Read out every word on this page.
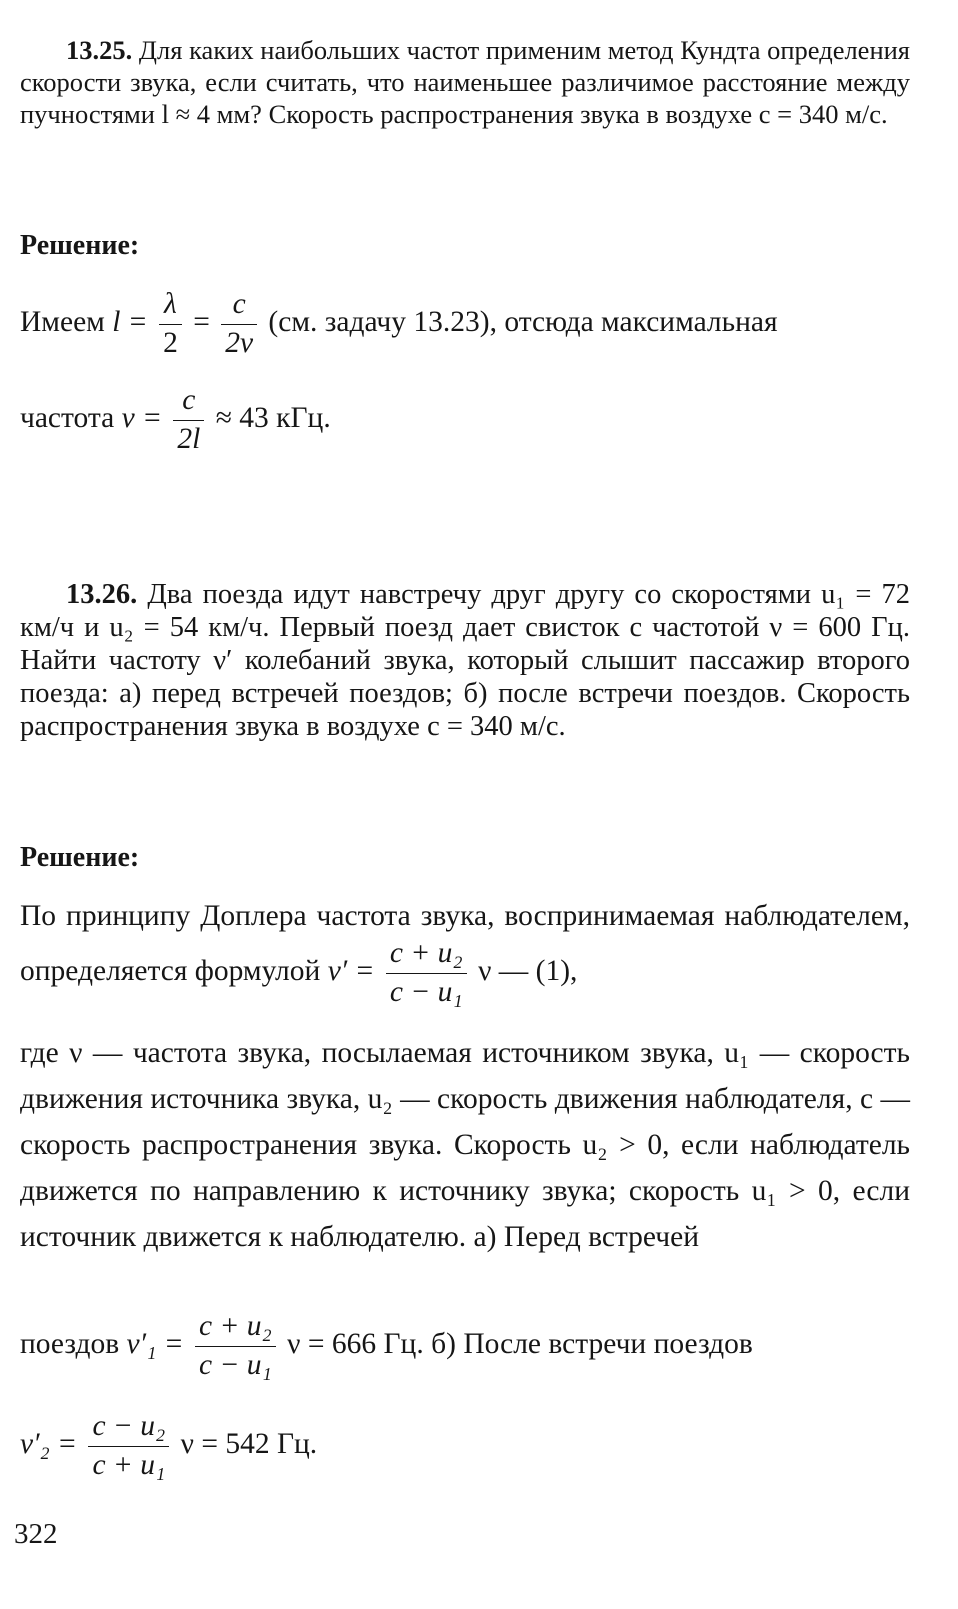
13.25. Для каких наибольших частот применим метод Кундта определения скорости звука, если считать, что наименьшее различимое расстояние между пучностями l ≈ 4 мм? Скорость распространения звука в воздухе c = 340 м/с.

Решение:

Имеем $l = \frac{\lambda}{2} = \frac{c}{2\nu} (см$. задачу 13.23), отсюда максимальная
частота $\nu = \frac{c}{2l} \approx 43$ кГц.

13.26. Два поезда идут навстречу друг другу со скоростями u₁ = 72 км/ч и u₂ = 54 км/ч. Первый поезд дает свисток с частотой ν = 600 Гц. Найти частоту ν′ колебаний звука, который слышит пассажир второго поезда: а) перед встречей поездов; б) после встречи поездов. Скорость распространения звука в воздухе c = 340 м/с.

Решение:

По принципу Доплера частота звука, воспринимаемая наблюдателем, определяется формулой $\nu' = \frac{\text{c + u₂}}{\text{c − u₁}}$ ν — (1),

где ν — частота звука, посылаемая источником звука, u₁ — скорость движения источника звука, u₂ — скорость движения наблюдателя, c — скорость распространения звука. Скорость u₂ > 0, если наблюдатель движется по направлению к источнику звука; скорость u₁ > 0, если источник движется к наблюдателю. а) Перед встречей

поездов $\nu'_1 = \frac{\text{c + u₂}}{\text{c − u₁}}$ ν = 666 Гц. б) После встречи поездов
$\nu'_2 = \frac{\text{c − u₂}}{\text{c + u₁}}$ ν = 542 Гц.
322
